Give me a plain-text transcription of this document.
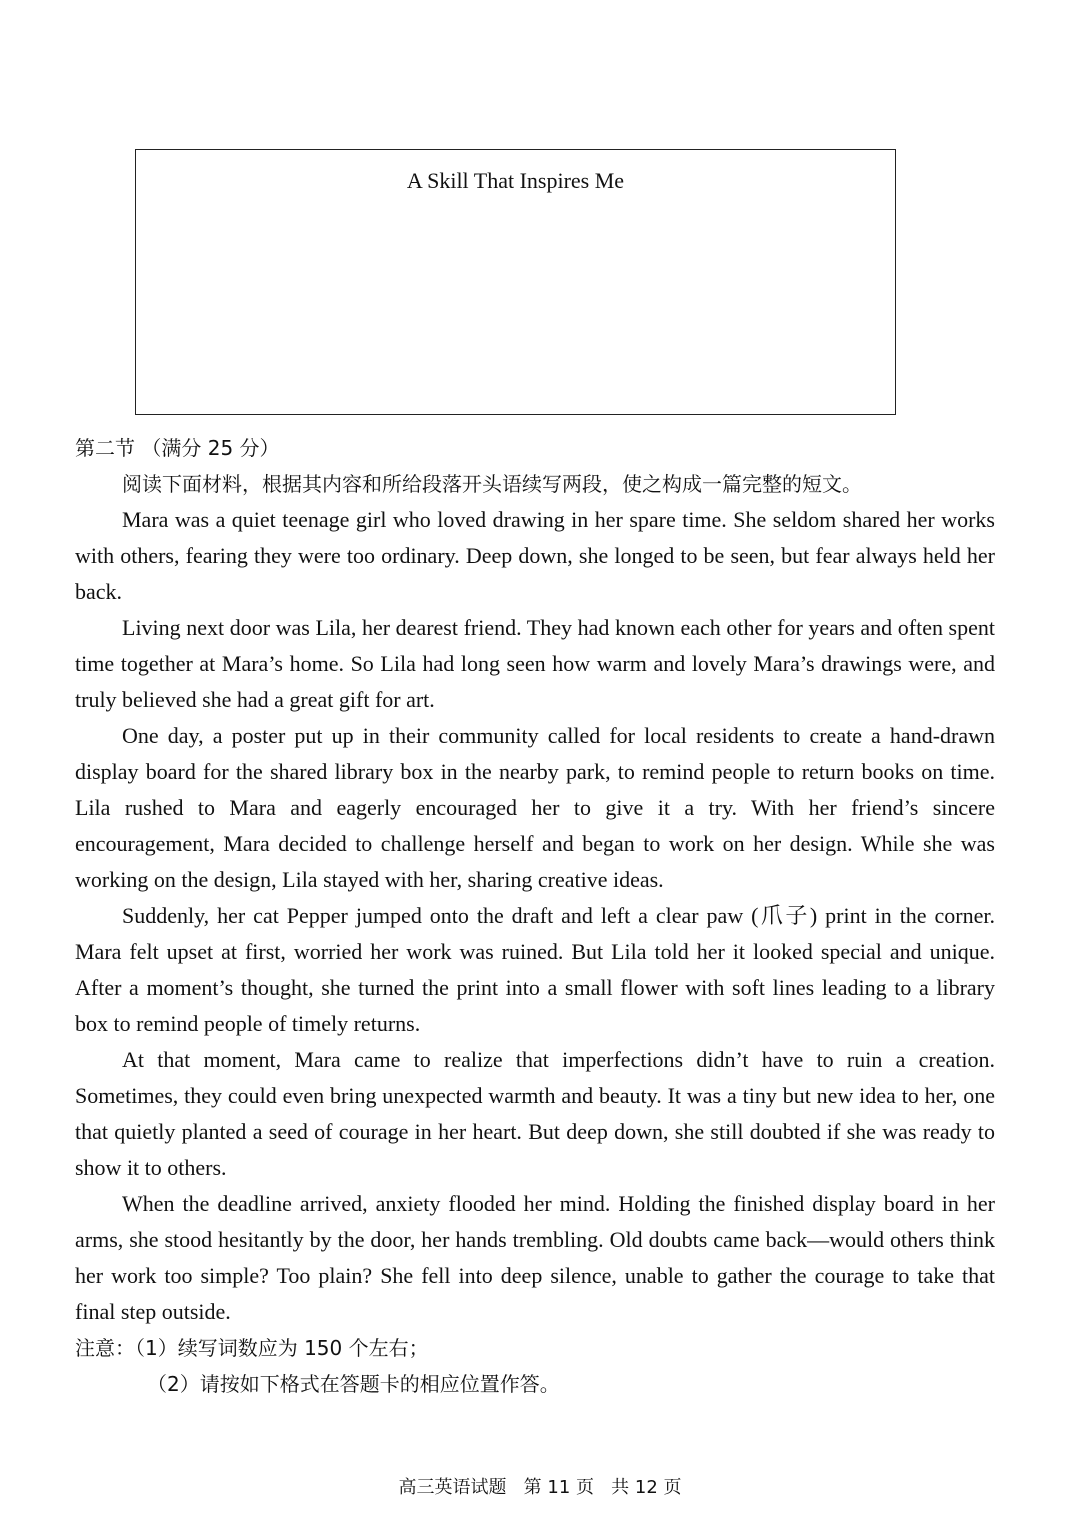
A Skill That Inspires Me

第二节 （满分 25 分）

阅读下面材料，根据其内容和所给段落开头语续写两段，使之构成一篇完整的短文。

Mara was a quiet teenage girl who loved drawing in her spare time. She seldom shared her works with others, fearing they were too ordinary. Deep down, she longed to be seen, but fear always held her back.

Living next door was Lila, her dearest friend. They had known each other for years and often spent time together at Mara’s home. So Lila had long seen how warm and lovely Mara’s drawings were, and truly believed she had a great gift for art.

One day, a poster put up in their community called for local residents to create a hand-drawn display board for the shared library box in the nearby park, to remind people to return books on time. Lila rushed to Mara and eagerly encouraged her to give it a try. With her friend’s sincere encouragement, Mara decided to challenge herself and began to work on her design. While she was working on the design, Lila stayed with her, sharing creative ideas.

Suddenly, her cat Pepper jumped onto the draft and left a clear paw (爪子) print in the corner. Mara felt upset at first, worried her work was ruined. But Lila told her it looked special and unique. After a moment’s thought, she turned the print into a small flower with soft lines leading to a library box to remind people of timely returns.

At that moment, Mara came to realize that imperfections didn’t have to ruin a creation. Sometimes, they could even bring unexpected warmth and beauty. It was a tiny but new idea to her, one that quietly planted a seed of courage in her heart. But deep down, she still doubted if she was ready to show it to others.

When the deadline arrived, anxiety flooded her mind. Holding the finished display board in her arms, she stood hesitantly by the door, her hands trembling. Old doubts came back—would others think her work too simple? Too plain? She fell into deep silence, unable to gather the courage to take that final step outside.

注意：（1）续写词数应为 150 个左右；

（2）请按如下格式在答题卡的相应位置作答。

高三英语试题   第 11 页   共 12 页
